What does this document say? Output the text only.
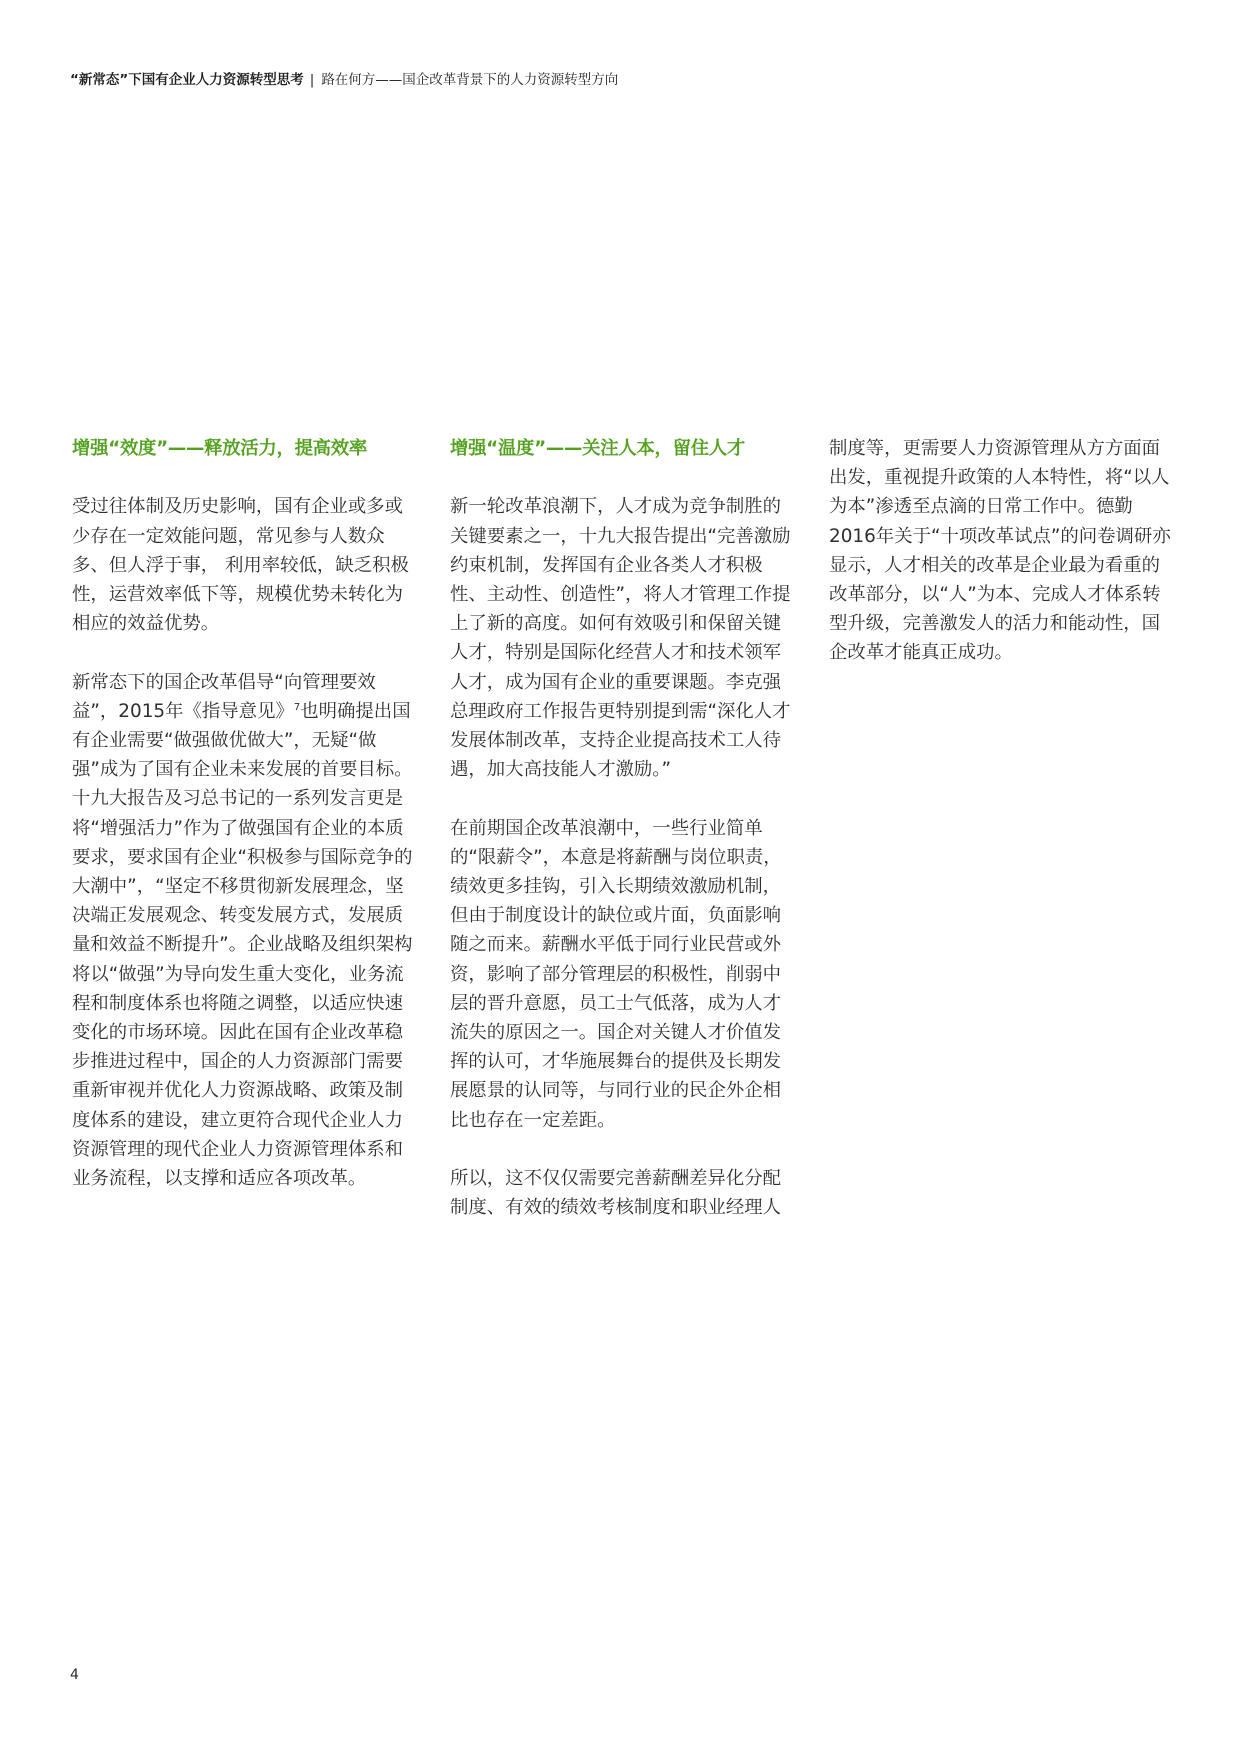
“新常态”下国有企业人力资源转型思考 | 路在何方——国企改革背景下的人力资源转型方向

增强“效度”——释放活力，提高效率

受过往体制及历史影响，国有企业或多或少存在一定效能问题，常见参与人数众多、但人浮于事， 利用率较低，缺乏积极性，运营效率低下等，规模优势未转化为相应的效益优势。

新常态下的国企改革倡导“向管理要效益”，2015年《指导意见》$^7$也明确提出国有企业需要“做强做优做大”，无疑“做强”成为了国有企业未来发展的首要目标。十九大报告及习总书记的一系列发言更是将“增强活力”作为了做强国有企业的本质要求，要求国有企业“积极参与国际竞争的大潮中”，“坚定不移贯彻新发展理念，坚决端正发展观念、转变发展方式，发展质量和效益不断提升”。企业战略及组织架构将以“做强”为导向发生重大变化，业务流程和制度体系也将随之调整，以适应快速变化的市场环境。因此在国有企业改革稳步推进过程中，国企的人力资源部门需要重新审视并优化人力资源战略、政策及制度体系的建设，建立更符合现代企业人力资源管理的现代企业人力资源管理体系和业务流程，以支撑和适应各项改革。

增强“温度”——关注人本，留住人才

新一轮改革浪潮下，人才成为竞争制胜的关键要素之一，十九大报告提出“完善激励约束机制，发挥国有企业各类人才积极性、主动性、创造性”，将人才管理工作提上了新的高度。如何有效吸引和保留关键人才，特别是国际化经营人才和技术领军人才，成为国有企业的重要课题。李克强总理政府工作报告更特别提到需“深化人才发展体制改革，支持企业提高技术工人待遇，加大高技能人才激励。”

在前期国企改革浪潮中，一些行业简单的“限薪令”，本意是将薪酬与岗位职责，绩效更多挂钩，引入长期绩效激励机制，但由于制度设计的缺位或片面，负面影响随之而来。薪酬水平低于同行业民营或外资，影响了部分管理层的积极性，削弱中层的晋升意愿，员工士气低落，成为人才流失的原因之一。国企对关键人才价值发挥的认可，才华施展舞台的提供及长期发展愿景的认同等，与同行业的民企外企相比也存在一定差距。

所以，这不仅仅需要完善薪酬差异化分配制度、有效的绩效考核制度和职业经理人

制度等，更需要人力资源管理从方方面面出发，重视提升政策的人本特性，将“以人为本”渗透至点滴的日常工作中。德勤2016年关于“十项改革试点”的问卷调研亦显示，人才相关的改革是企业最为看重的改革部分，以“人”为本、完成人才体系转型升级，完善激发人的活力和能动性，国企改革才能真正成功。

4
